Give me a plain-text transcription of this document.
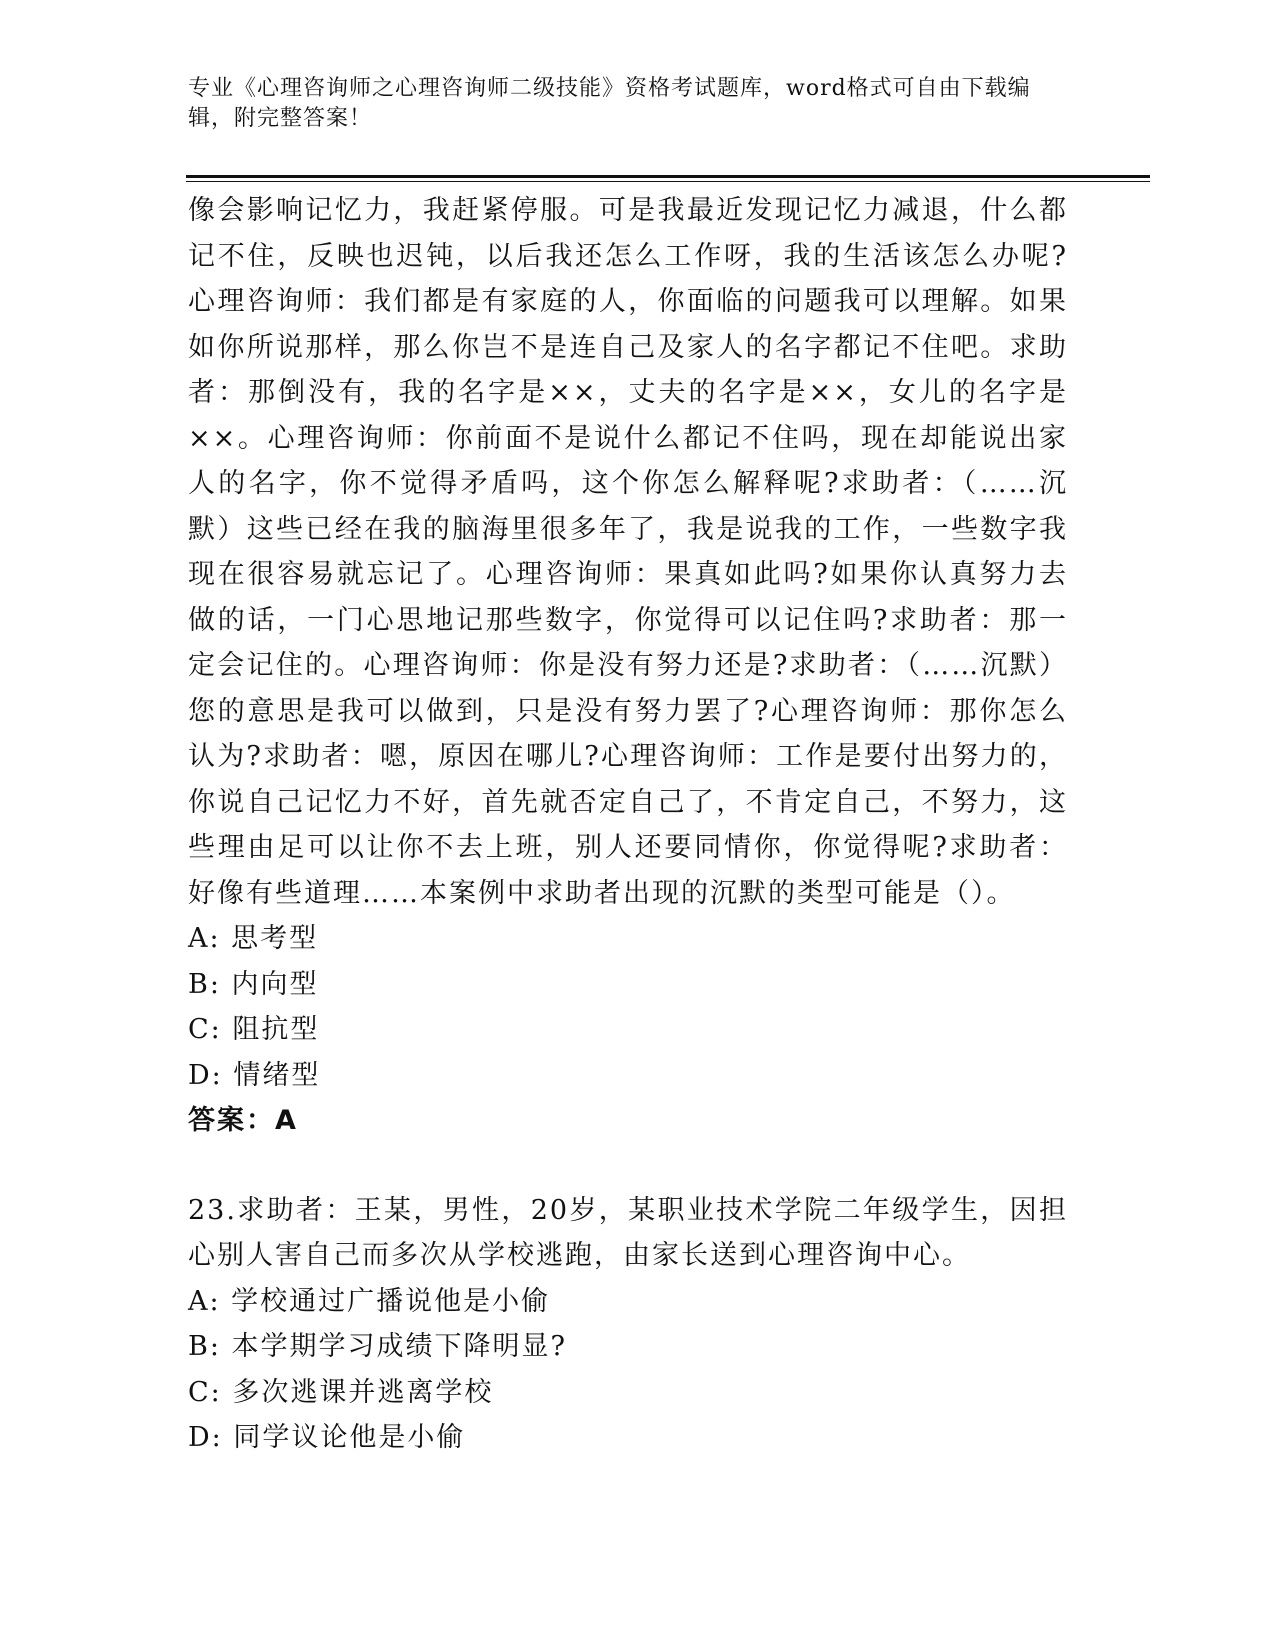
专业《心理咨询师之心理咨询师二级技能》资格考试题库，word格式可自由下载编辑，附完整答案！

像会影响记忆力，我赶紧停服。可是我最近发现记忆力减退，什么都记不住，反映也迟钝，以后我还怎么工作呀，我的生活该怎么办呢?心理咨询师：我们都是有家庭的人，你面临的问题我可以理解。如果如你所说那样，那么你岂不是连自己及家人的名字都记不住吧。求助者：那倒没有，我的名字是××，丈夫的名字是××，女儿的名字是××。心理咨询师：你前面不是说什么都记不住吗，现在却能说出家人的名字，你不觉得矛盾吗，这个你怎么解释呢?求助者：（……沉默）这些已经在我的脑海里很多年了，我是说我的工作，一些数字我现在很容易就忘记了。心理咨询师：果真如此吗?如果你认真努力去做的话，一门心思地记那些数字，你觉得可以记住吗?求助者：那一定会记住的。心理咨询师：你是没有努力还是?求助者：（……沉默）您的意思是我可以做到，只是没有努力罢了?心理咨询师：那你怎么认为?求助者：嗯，原因在哪儿?心理咨询师：工作是要付出努力的，你说自己记忆力不好，首先就否定自己了，不肯定自己，不努力，这些理由足可以让你不去上班，别人还要同情你，你觉得呢?求助者：好像有些道理……本案例中求助者出现的沉默的类型可能是（）。

A: 思考型

B: 内向型

C: 阻抗型

D: 情绪型

答案：A

23.求助者：王某，男性，20岁，某职业技术学院二年级学生，因担心别人害自己而多次从学校逃跑，由家长送到心理咨询中心。

A: 学校通过广播说他是小偷

B: 本学期学习成绩下降明显?

C: 多次逃课并逃离学校

D: 同学议论他是小偷
